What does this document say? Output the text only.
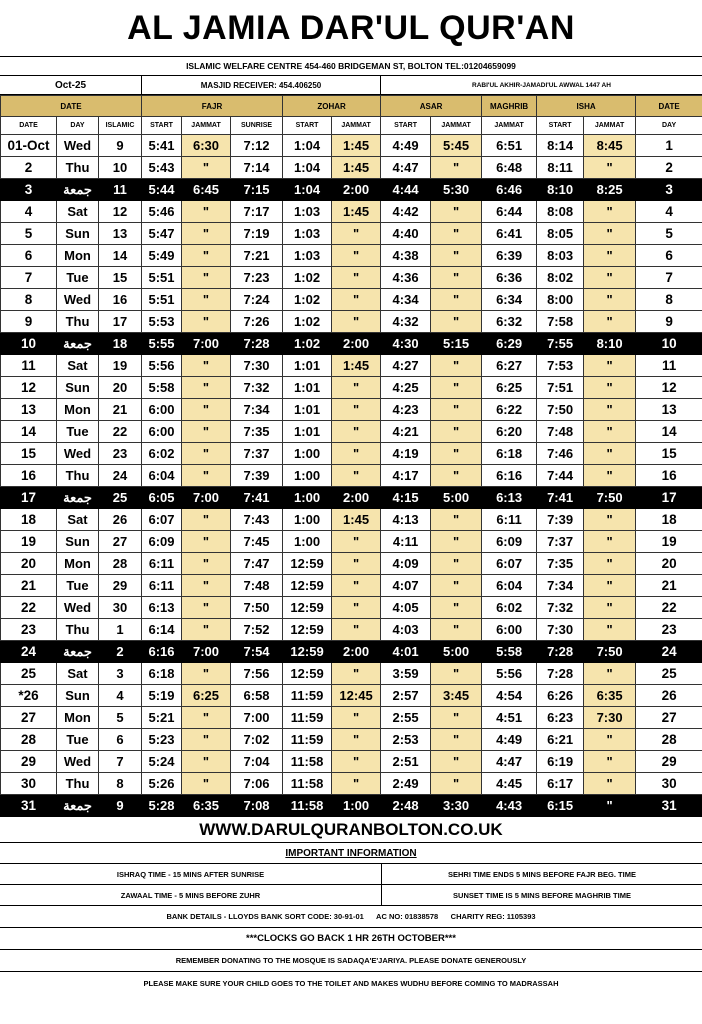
AL JAMIA DAR'UL QUR'AN
ISLAMIC WELFARE CENTRE 454-460 BRIDGEMAN ST, BOLTON TEL:01204659099
Oct-25	MASJID RECEIVER: 454.406250	RABI'UL AKHIR-JAMADI'UL AWWAL 1447 AH
DATE			FAJR			ZOHAR		ASAR		MAGHRIB	ISHA		DATE
DATE	DAY	ISLAMIC	START	JAMMAT	SUNRISE	START	JAMMAT	START	JAMMAT	JAMMAT	START	JAMMAT	DAY
01-Oct	Wed	9	5:41	6:30	7:12	1:04	1:45	4:49	5:45	6:51	8:14	8:45	1
2	Thu	10	5:43	"	7:14	1:04	1:45	4:47	"	6:48	8:11	"	2
3	جمعة	11	5:44	6:45	7:15	1:04	2:00	4:44	5:30	6:46	8:10	8:25	3
4	Sat	12	5:46	"	7:17	1:03	1:45	4:42	"	6:44	8:08	"	4
5	Sun	13	5:47	"	7:19	1:03	"	4:40	"	6:41	8:05	"	5
6	Mon	14	5:49	"	7:21	1:03	"	4:38	"	6:39	8:03	"	6
7	Tue	15	5:51	"	7:23	1:02	"	4:36	"	6:36	8:02	"	7
8	Wed	16	5:51	"	7:24	1:02	"	4:34	"	6:34	8:00	"	8
9	Thu	17	5:53	"	7:26	1:02	"	4:32	"	6:32	7:58	"	9
10	جمعة	18	5:55	7:00	7:28	1:02	2:00	4:30	5:15	6:29	7:55	8:10	10
11	Sat	19	5:56	"	7:30	1:01	1:45	4:27	"	6:27	7:53	"	11
12	Sun	20	5:58	"	7:32	1:01	"	4:25	"	6:25	7:51	"	12
13	Mon	21	6:00	"	7:34	1:01	"	4:23	"	6:22	7:50	"	13
14	Tue	22	6:00	"	7:35	1:01	"	4:21	"	6:20	7:48	"	14
15	Wed	23	6:02	"	7:37	1:00	"	4:19	"	6:18	7:46	"	15
16	Thu	24	6:04	"	7:39	1:00	"	4:17	"	6:16	7:44	"	16
17	جمعة	25	6:05	7:00	7:41	1:00	2:00	4:15	5:00	6:13	7:41	7:50	17
18	Sat	26	6:07	"	7:43	1:00	1:45	4:13	"	6:11	7:39	"	18
19	Sun	27	6:09	"	7:45	1:00	"	4:11	"	6:09	7:37	"	19
20	Mon	28	6:11	"	7:47	12:59	"	4:09	"	6:07	7:35	"	20
21	Tue	29	6:11	"	7:48	12:59	"	4:07	"	6:04	7:34	"	21
22	Wed	30	6:13	"	7:50	12:59	"	4:05	"	6:02	7:32	"	22
23	Thu	1	6:14	"	7:52	12:59	"	4:03	"	6:00	7:30	"	23
24	جمعة	2	6:16	7:00	7:54	12:59	2:00	4:01	5:00	5:58	7:28	7:50	24
25	Sat	3	6:18	"	7:56	12:59	"	3:59	"	5:56	7:28	"	25
*26	Sun	4	5:19	6:25	6:58	11:59	12:45	2:57	3:45	4:54	6:26	6:35	26
27	Mon	5	5:21	"	7:00	11:59	"	2:55	"	4:51	6:23	7:30	27
28	Tue	6	5:23	"	7:02	11:59	"	2:53	"	4:49	6:21	"	28
29	Wed	7	5:24	"	7:04	11:58	"	2:51	"	4:47	6:19	"	29
30	Thu	8	5:26	"	7:06	11:58	"	2:49	"	4:45	6:17	"	30
31	جمعة	9	5:28	6:35	7:08	11:58	1:00	2:48	3:30	4:43	6:15	"	31
WWW.DARULQURANBOLTON.CO.UK
IMPORTANT INFORMATION
ISHRAQ TIME - 15 MINS AFTER SUNRISE	SEHRI TIME ENDS 5 MINS BEFORE FAJR BEG. TIME
ZAWAAL TIME - 5 MINS BEFORE ZUHR	SUNSET TIME IS 5 MINS BEFORE MAGHRIB TIME
BANK DETAILS - LLOYDS BANK SORT CODE: 30-91-01      AC NO: 01838578      CHARITY REG: 1105393
***CLOCKS GO BACK 1 HR 26TH OCTOBER***
REMEMBER DONATING TO THE MOSQUE IS SADAQA'E'JARIYA. PLEASE DONATE GENEROUSLY
PLEASE MAKE SURE YOUR CHILD GOES TO THE TOILET AND MAKES WUDHU BEFORE COMING TO MADRASSAH
